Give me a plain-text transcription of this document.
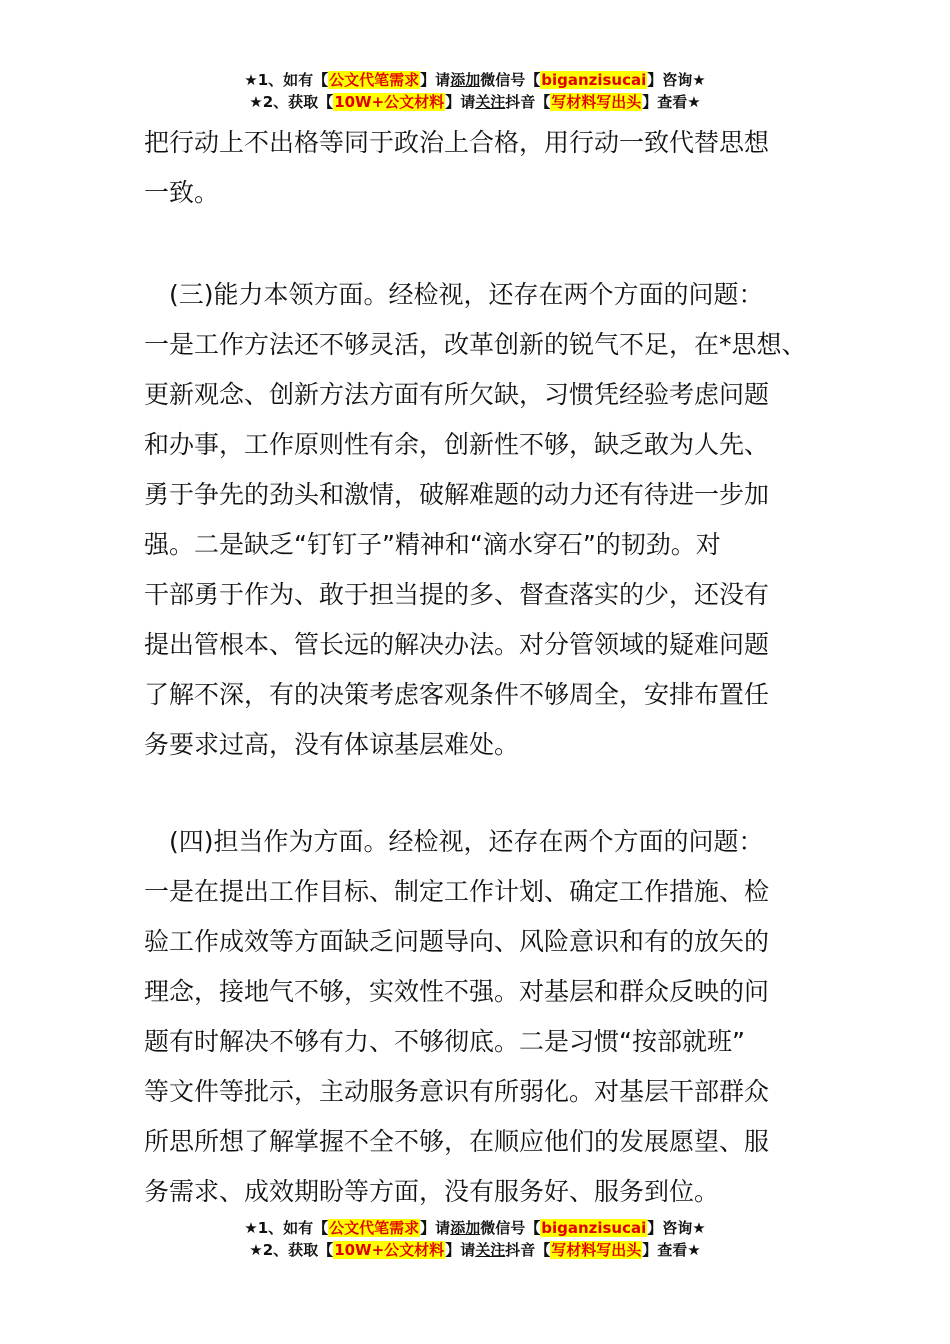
★1、如有【公文代笔需求】请添加微信号【biganzisucai】咨询★
★2、获取【10W+公文材料】请关注抖音【写材料写出头】查看★
把行动上不出格等同于政治上合格，用行动一致代替思想
一致。
　(三)能力本领方面。经检视，还存在两个方面的问题：
一是工作方法还不够灵活，改革创新的锐气不足，在*思想、
更新观念、创新方法方面有所欠缺，习惯凭经验考虑问题
和办事，工作原则性有余，创新性不够，缺乏敢为人先、
勇于争先的劲头和激情，破解难题的动力还有待进一步加
强。二是缺乏“钉钉子”精神和“滴水穿石”的韧劲。对
干部勇于作为、敢于担当提的多、督查落实的少，还没有
提出管根本、管长远的解决办法。对分管领域的疑难问题
了解不深，有的决策考虑客观条件不够周全，安排布置任
务要求过高，没有体谅基层难处。
　(四)担当作为方面。经检视，还存在两个方面的问题：
一是在提出工作目标、制定工作计划、确定工作措施、检
验工作成效等方面缺乏问题导向、风险意识和有的放矢的
理念，接地气不够，实效性不强。对基层和群众反映的问
题有时解决不够有力、不够彻底。二是习惯“按部就班”
等文件等批示，主动服务意识有所弱化。对基层干部群众
所思所想了解掌握不全不够，在顺应他们的发展愿望、服
务需求、成效期盼等方面，没有服务好、服务到位。
★1、如有【公文代笔需求】请添加微信号【biganzisucai】咨询★
★2、获取【10W+公文材料】请关注抖音【写材料写出头】查看★
